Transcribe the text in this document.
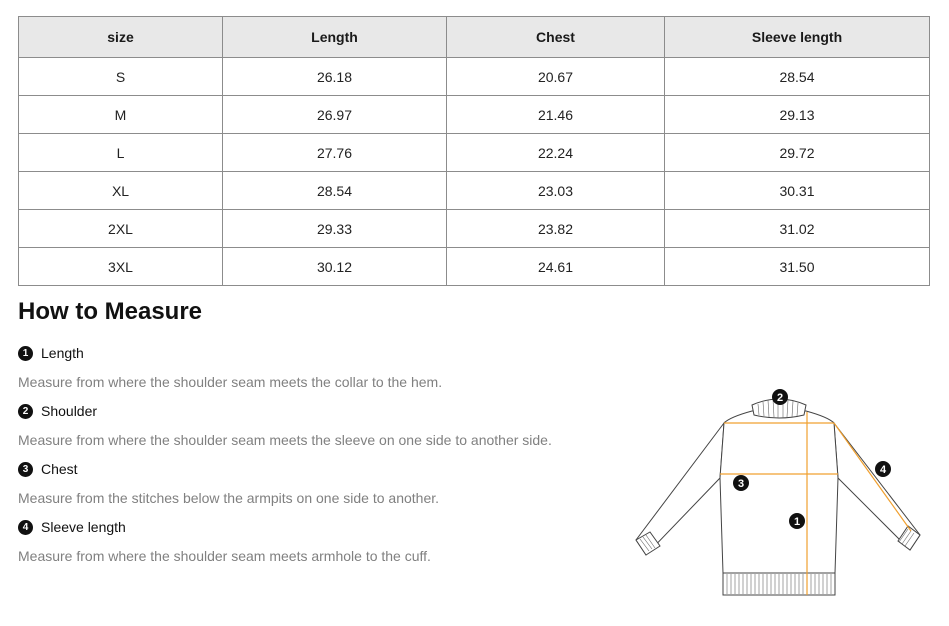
size	Length	Chest	Sleeve length
S	26.18	20.67	28.54
M	26.97	21.46	29.13
L	27.76	22.24	29.72
XL	28.54	23.03	30.31
2XL	29.33	23.82	31.02
3XL	30.12	24.61	31.50
How to Measure
1 Length
Measure from where the shoulder seam meets the collar to the hem.
2 Shoulder
Measure from where the shoulder seam meets the sleeve on one side to another side.
3 Chest
Measure from the stitches below the armpits on one side to another.
4 Sleeve length
Measure from where the shoulder seam meets armhole to the cuff.
1
2
3
4
